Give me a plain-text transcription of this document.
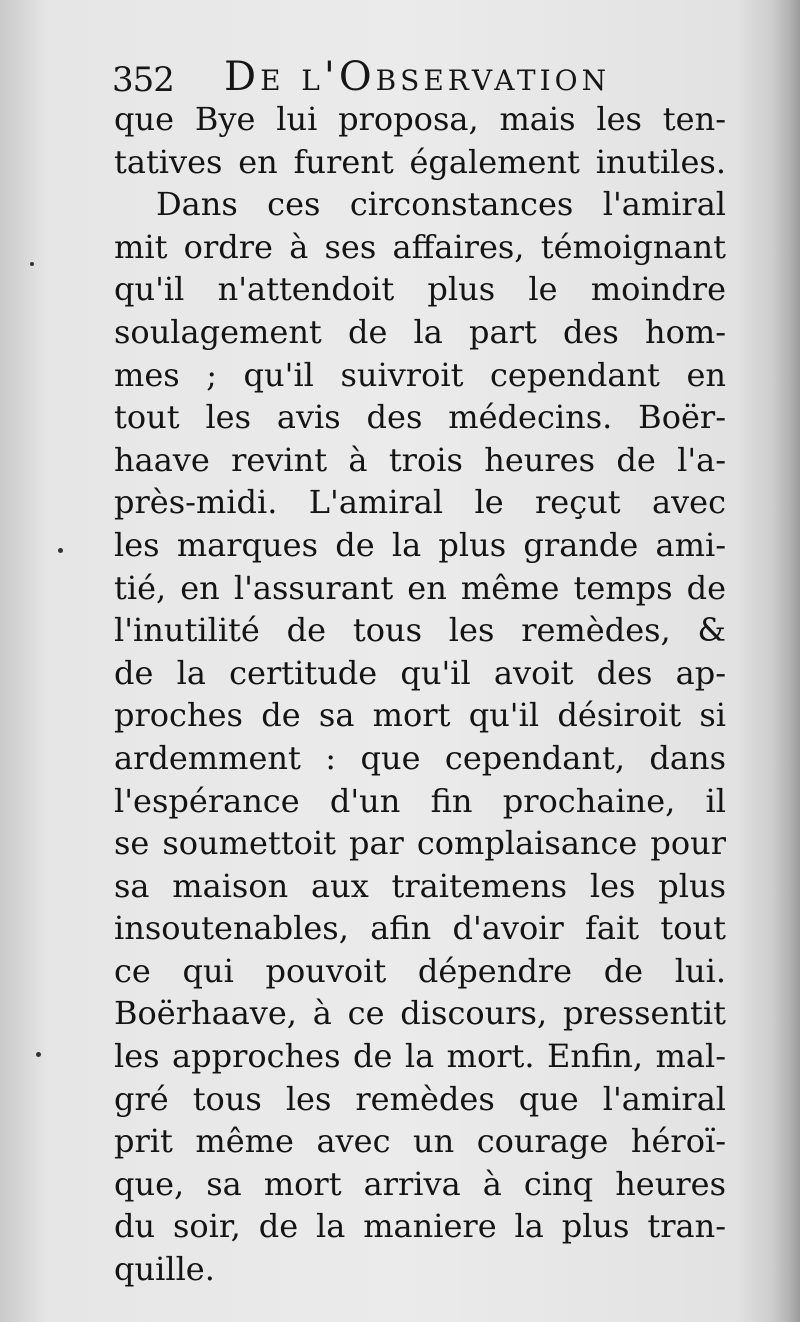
352 De l'Observation
que Bye lui proposa, mais les ten-
tatives en furent également inutiles.
Dans ces circonstances l'amiral
mit ordre à ses affaires, témoignant
qu'il n'attendoit plus le moindre
soulagement de la part des hom-
mes ; qu'il suivroit cependant en
tout les avis des médecins. Boër-
haave revint à trois heures de l'a-
près-midi. L'amiral le reçut avec
les marques de la plus grande ami-
tié, en l'assurant en même temps de
l'inutilité de tous les remèdes, &
de la certitude qu'il avoit des ap-
proches de sa mort qu'il désiroit si
ardemment : que cependant, dans
l'espérance d'un fin prochaine, il
se soumettoit par complaisance pour
sa maison aux traitemens les plus
insoutenables, afin d'avoir fait tout
ce qui pouvoit dépendre de lui.
Boërhaave, à ce discours, pressentit
les approches de la mort. Enfin, mal-
gré tous les remèdes que l'amiral
prit même avec un courage héroï-
que, sa mort arriva à cinq heures
du soir, de la maniere la plus tran-
quille.
